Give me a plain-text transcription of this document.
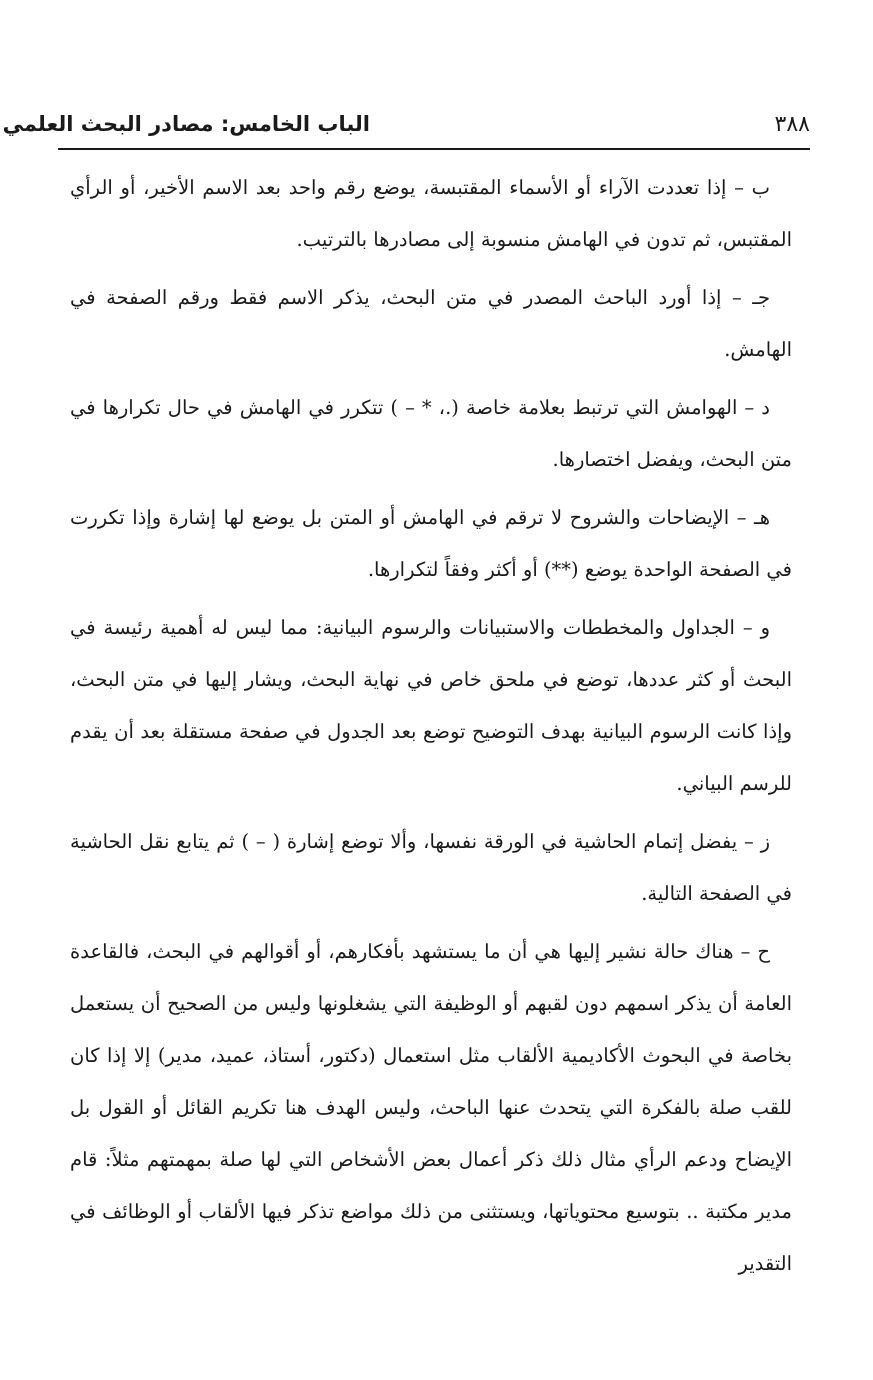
الباب الخامس: مصادر البحث العلمي	٣٨٨

ب – إذا تعددت الآراء أو الأسماء المقتبسة، يوضع رقم واحد بعد الاسم الأخير، أو الرأي المقتبس، ثم تدون في الهامش منسوبة إلى مصادرها بالترتيب.

جـ – إذا أورد الباحث المصدر في متن البحث، يذكر الاسم فقط ورقم الصفحة في الهامش.

د – الهوامش التي ترتبط بعلامة خاصة (.، * – ) تتكرر في الهامش في حال تكرارها في متن البحث، ويفضل اختصارها.

هـ – الإيضاحات والشروح لا ترقم في الهامش أو المتن بل يوضع لها إشارة وإذا تكررت في الصفحة الواحدة يوضع (**) أو أكثر وفقاً لتكرارها.

و – الجداول والمخططات والاستبيانات والرسوم البيانية: مما ليس له أهمية رئيسة في البحث أو كثر عددها، توضع في ملحق خاص في نهاية البحث، ويشار إليها في متن البحث، وإذا كانت الرسوم البيانية بهدف التوضيح توضع بعد الجدول في صفحة مستقلة بعد أن يقدم للرسم البياني.

ز – يفضل إتمام الحاشية في الورقة نفسها، وألا توضع إشارة ( – ) ثم يتابع نقل الحاشية في الصفحة التالية.

ح – هناك حالة نشير إليها هي أن ما يستشهد بأفكارهم، أو أقوالهم في البحث، فالقاعدة العامة أن يذكر اسمهم دون لقبهم أو الوظيفة التي يشغلونها وليس من الصحيح أن يستعمل بخاصة في البحوث الأكاديمية الألقاب مثل استعمال (دكتور، أستاذ، عميد، مدير) إلا إذا كان للقب صلة بالفكرة التي يتحدث عنها الباحث، وليس الهدف هنا تكريم القائل أو القول بل الإيضاح ودعم الرأي مثال ذلك ذكر أعمال بعض الأشخاص التي لها صلة بمهمتهم مثلاً: قام مدير مكتبة .. بتوسيع محتوياتها، ويستثنى من ذلك مواضع تذكر فيها الألقاب أو الوظائف في التقدير
